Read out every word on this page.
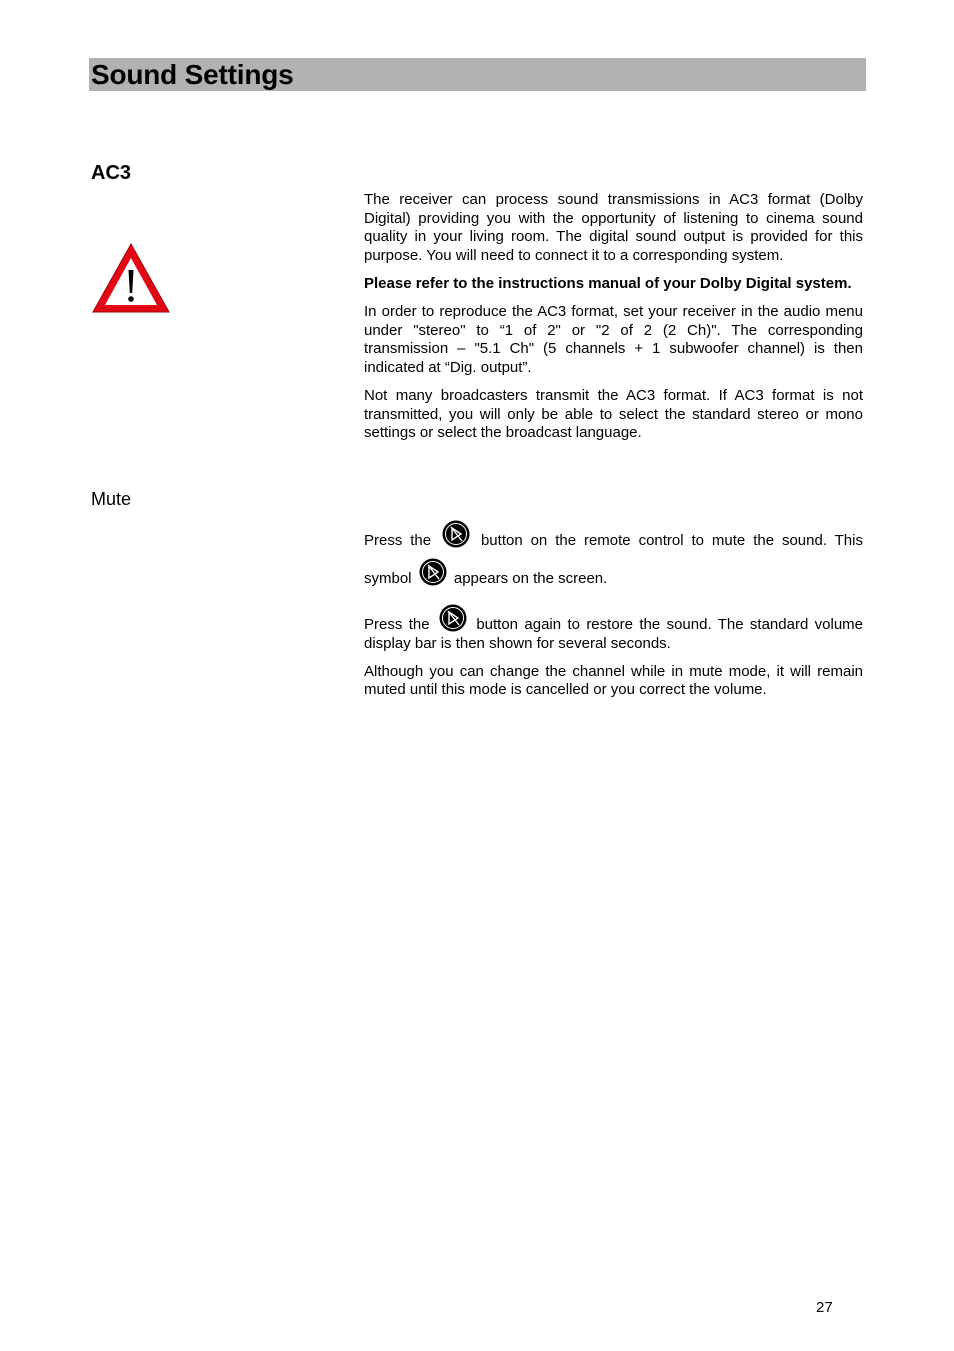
Sound Settings
AC3

The receiver can process sound transmissions in AC3 format (Dolby Digital) providing you with the opportunity of listening to cinema sound quality in your living room. The digital sound output is provided for this purpose. You will need to connect it to a corresponding system.

Please refer to the instructions manual of your Dolby Digital system.

In order to reproduce the AC3 format, set your receiver in the audio menu under "stereo" to “1 of 2" or "2 of 2 (2 Ch)". The corresponding transmission – "5.1 Ch" (5 channels + 1 subwoofer channel) is then indicated at “Dig. output”.

Not many broadcasters transmit the AC3 format. If AC3 format is not transmitted, you will only be able to select the standard stereo or mono settings or select the broadcast language.

Mute

Press the	button on the remote control to mute the sound. This symbol	appears on the screen.

Press the	button again to restore the sound. The standard volume display bar is then shown for several seconds.

Although you can change the channel while in mute mode, it will remain muted until this mode is cancelled or you correct the volume.

27
